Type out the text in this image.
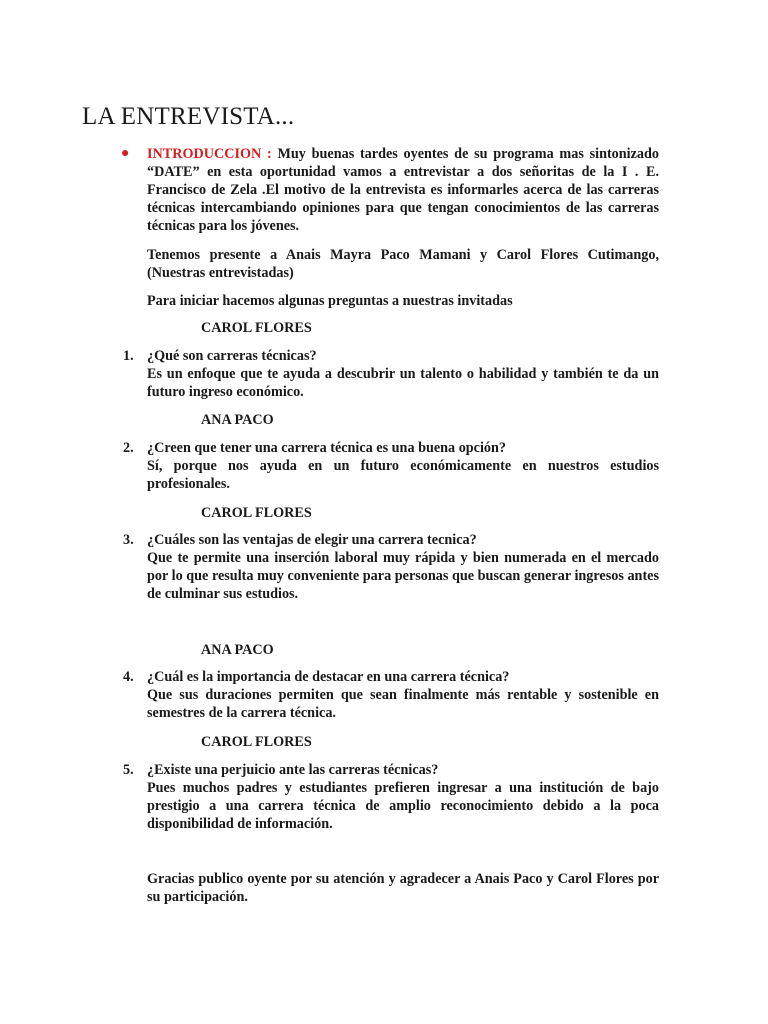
LA ENTREVISTA...
● INTRODUCCION : Muy buenas tardes oyentes de su programa mas sintonizado “DATE” en esta oportunidad vamos a entrevistar a dos señoritas de la I . E. Francisco de Zela .El motivo de la entrevista es informarles acerca de las carreras técnicas intercambiando opiniones para que tengan conocimientos de las carreras técnicas para los jóvenes.
Tenemos presente a Anais Mayra Paco Mamani y Carol Flores Cutimango, (Nuestras entrevistadas)
Para iniciar hacemos algunas preguntas a nuestras invitadas
CAROL FLORES
1. ¿Qué son carreras técnicas?
Es un enfoque que te ayuda a descubrir un talento o habilidad y también te da un futuro ingreso económico.
ANA PACO
2. ¿Creen que tener una carrera técnica es una buena opción?
Sí, porque nos ayuda en un futuro económicamente en nuestros estudios profesionales.
CAROL FLORES
3. ¿Cuáles son las ventajas de elegir una carrera tecnica?
Que te permite una inserción laboral muy rápida y bien numerada en el mercado por lo que resulta muy conveniente para personas que buscan generar ingresos antes de culminar sus estudios.
ANA PACO
4. ¿Cuál es la importancia de destacar en una carrera técnica?
Que sus duraciones permiten que sean finalmente más rentable y sostenible en semestres de la carrera técnica.
CAROL FLORES
5. ¿Existe una perjuicio ante las carreras técnicas?
Pues muchos padres y estudiantes prefieren ingresar a una institución de bajo prestigio a una carrera técnica de amplio reconocimiento debido a la poca disponibilidad de información.
Gracias publico oyente por su atención y agradecer a Anais Paco y Carol Flores por su participación.
